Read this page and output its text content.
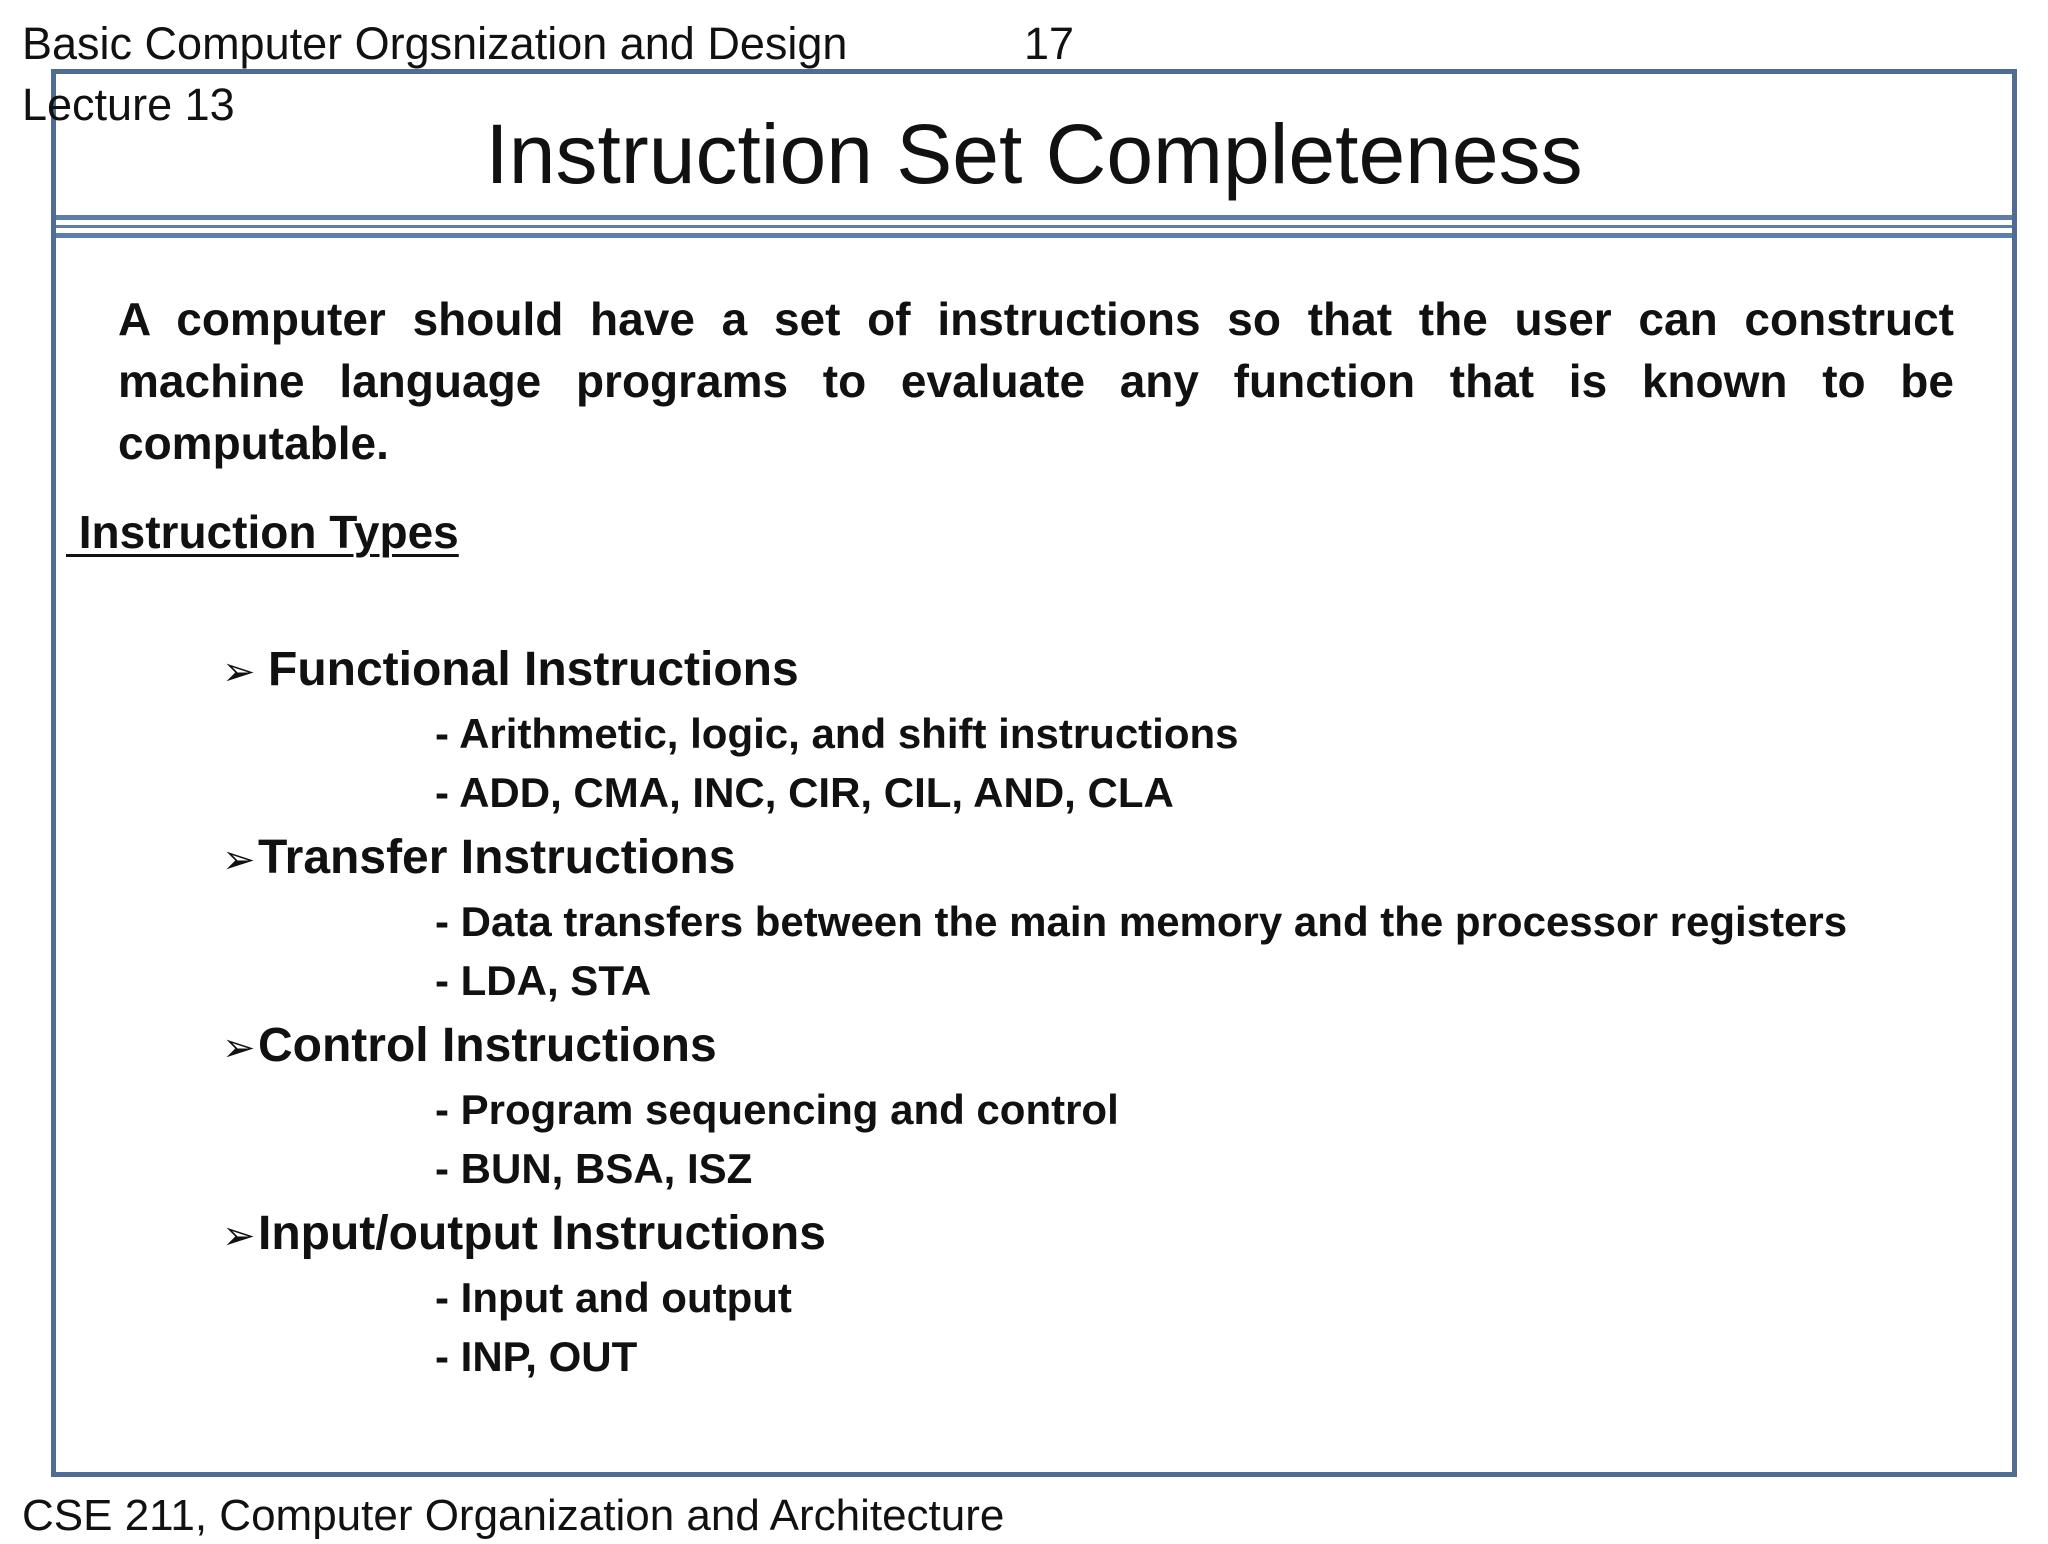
Basic Computer Orgsnization and Design	17
Lecture 13
Instruction Set Completeness
A computer should have a set of instructions so that the user can construct machine language programs to evaluate any function that is known to be computable.
Instruction Types
➢ Functional Instructions
- Arithmetic, logic, and shift instructions
- ADD, CMA, INC, CIR, CIL, AND, CLA
➢Transfer Instructions
- Data transfers between the main memory and the processor registers
- LDA, STA
➢Control Instructions
- Program sequencing and control
- BUN, BSA, ISZ
➢Input/output Instructions
- Input and output
- INP, OUT
CSE 211, Computer Organization and Architecture
